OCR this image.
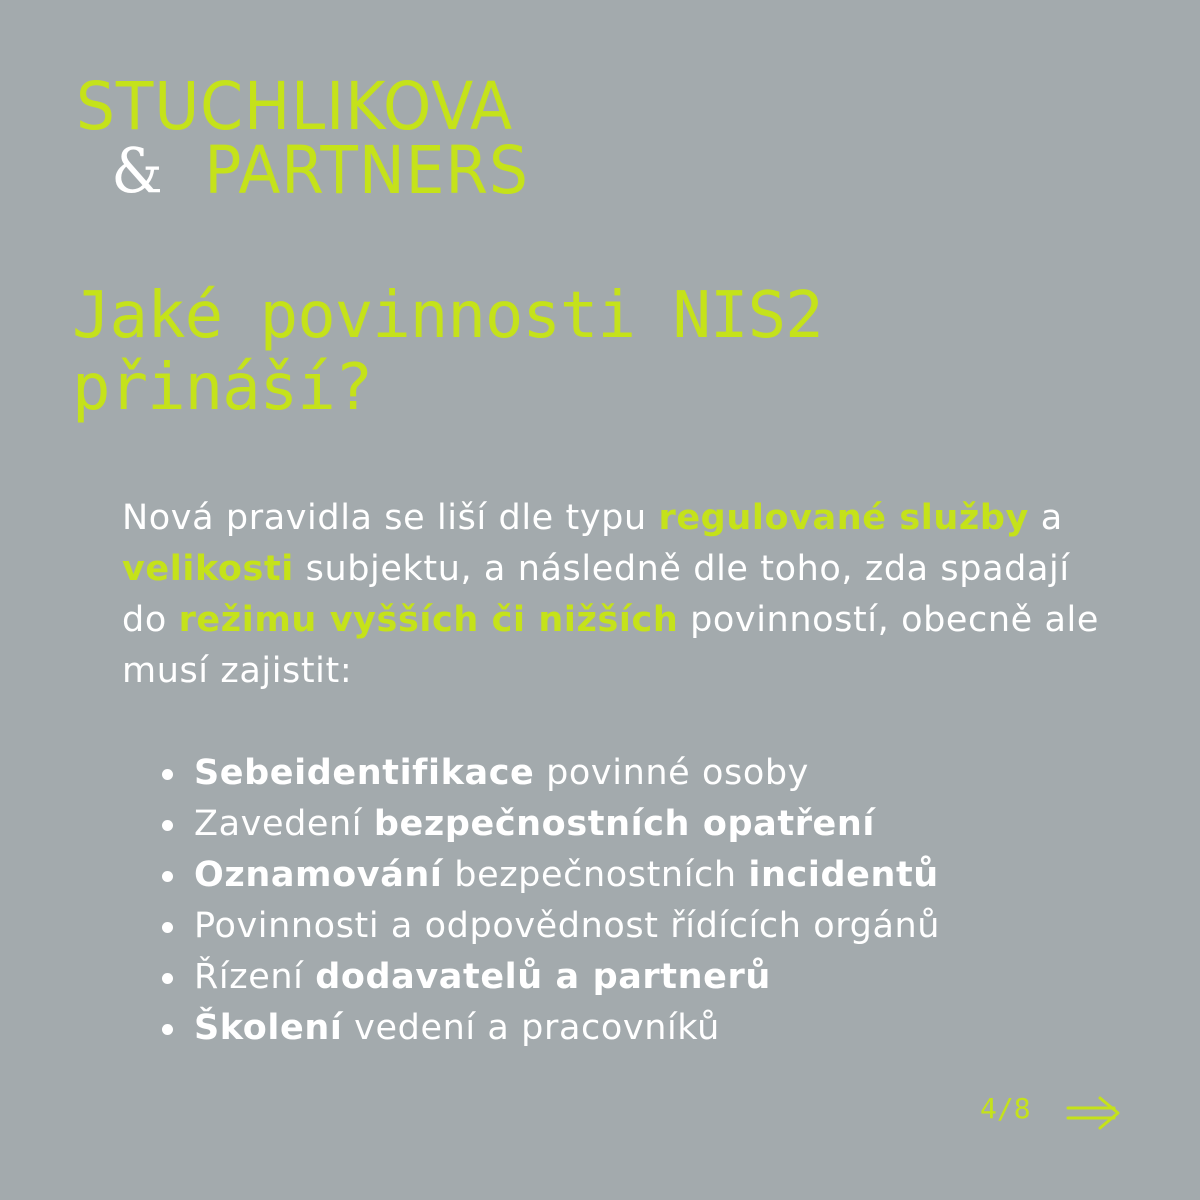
STUCHLIKOVA
& PARTNERS
Jaké povinnosti NIS2
přináší?
Nová pravidla se liší dle typu regulované služby a velikosti subjektu, a následně dle toho, zda spadají do režimu vyšších či nižších povinností, obecně ale musí zajistit:
Sebeidentifikace povinné osoby
Zavedení bezpečnostních opatření
Oznamování bezpečnostních incidentů
Povinnosti a odpovědnost řídících orgánů
Řízení dodavatelů a partnerů
Školení vedení a pracovníků
4/8
